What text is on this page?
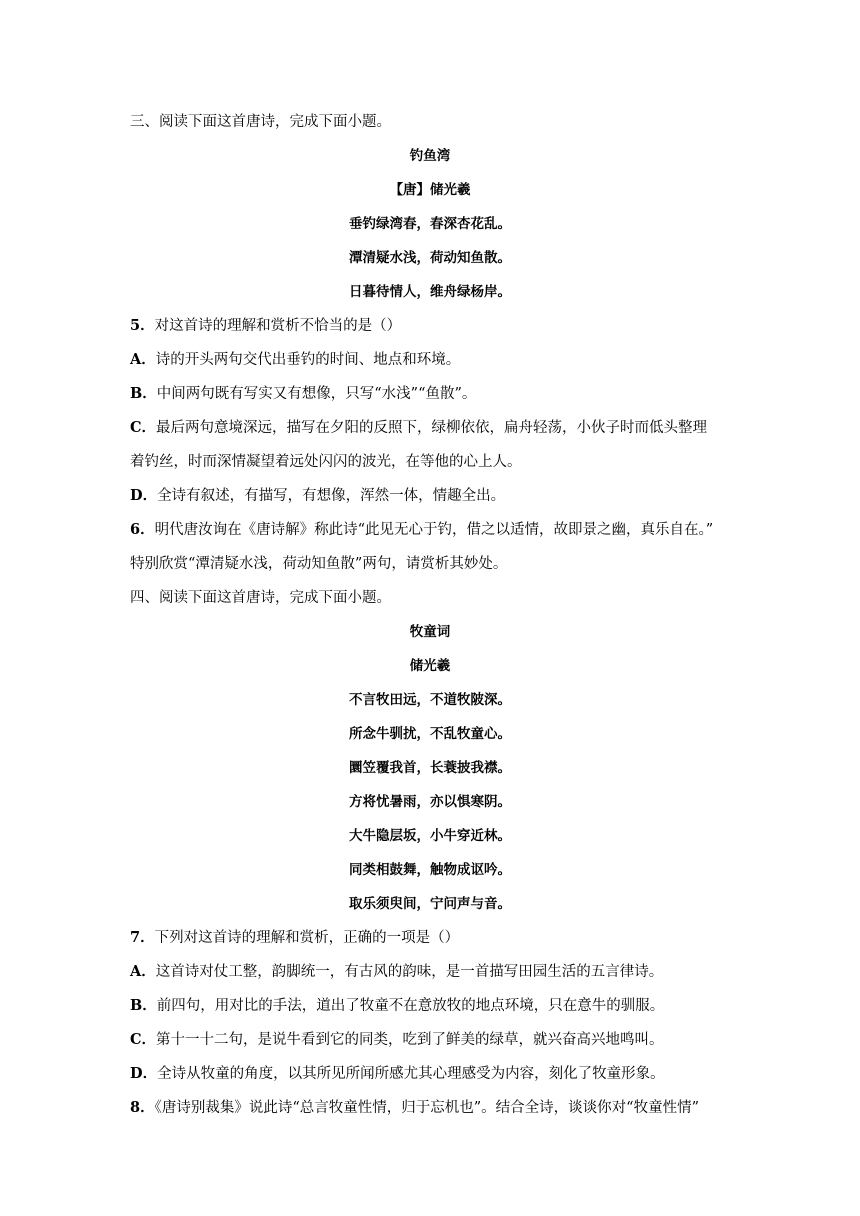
三、阅读下面这首唐诗，完成下面小题。
钓鱼湾
【唐】储光羲
垂钓绿湾春，春深杏花乱。
潭清疑水浅，荷动知鱼散。
日暮待情人，维舟绿杨岸。
5．对这首诗的理解和赏析不恰当的是（）
A．诗的开头两句交代出垂钓的时间、地点和环境。
B．中间两句既有写实又有想像，只写“水浅”“鱼散”。
C．最后两句意境深远，描写在夕阳的反照下，绿柳依依，扁舟轻荡，小伙子时而低头整理
着钓丝，时而深情凝望着远处闪闪的波光，在等他的心上人。
D．全诗有叙述，有描写，有想像，浑然一体，情趣全出。
6．明代唐汝询在《唐诗解》称此诗“此见无心于钓，借之以适情，故即景之幽，真乐自在。”
特别欣赏“潭清疑水浅，荷动知鱼散”两句，请赏析其妙处。
四、阅读下面这首唐诗，完成下面小题。
牧童词
储光羲
不言牧田远，不道牧陂深。
所念牛驯扰，不乱牧童心。
圜笠覆我首，长蓑披我襟。
方将忧暑雨，亦以惧寒阴。
大牛隐层坂，小牛穿近林。
同类相鼓舞，触物成讴吟。
取乐须臾间，宁问声与音。
7．下列对这首诗的理解和赏析，正确的一项是（）
A．这首诗对仗工整，韵脚统一，有古风的韵味，是一首描写田园生活的五言律诗。
B．前四句，用对比的手法，道出了牧童不在意放牧的地点环境，只在意牛的驯服。
C．第十一十二句，是说牛看到它的同类，吃到了鲜美的绿草，就兴奋高兴地鸣叫。
D．全诗从牧童的角度，以其所见所闻所感尤其心理感受为内容，刻化了牧童形象。
8．《唐诗别裁集》说此诗“总言牧童性情，归于忘机也”。结合全诗，谈谈你对“牧童性情”
